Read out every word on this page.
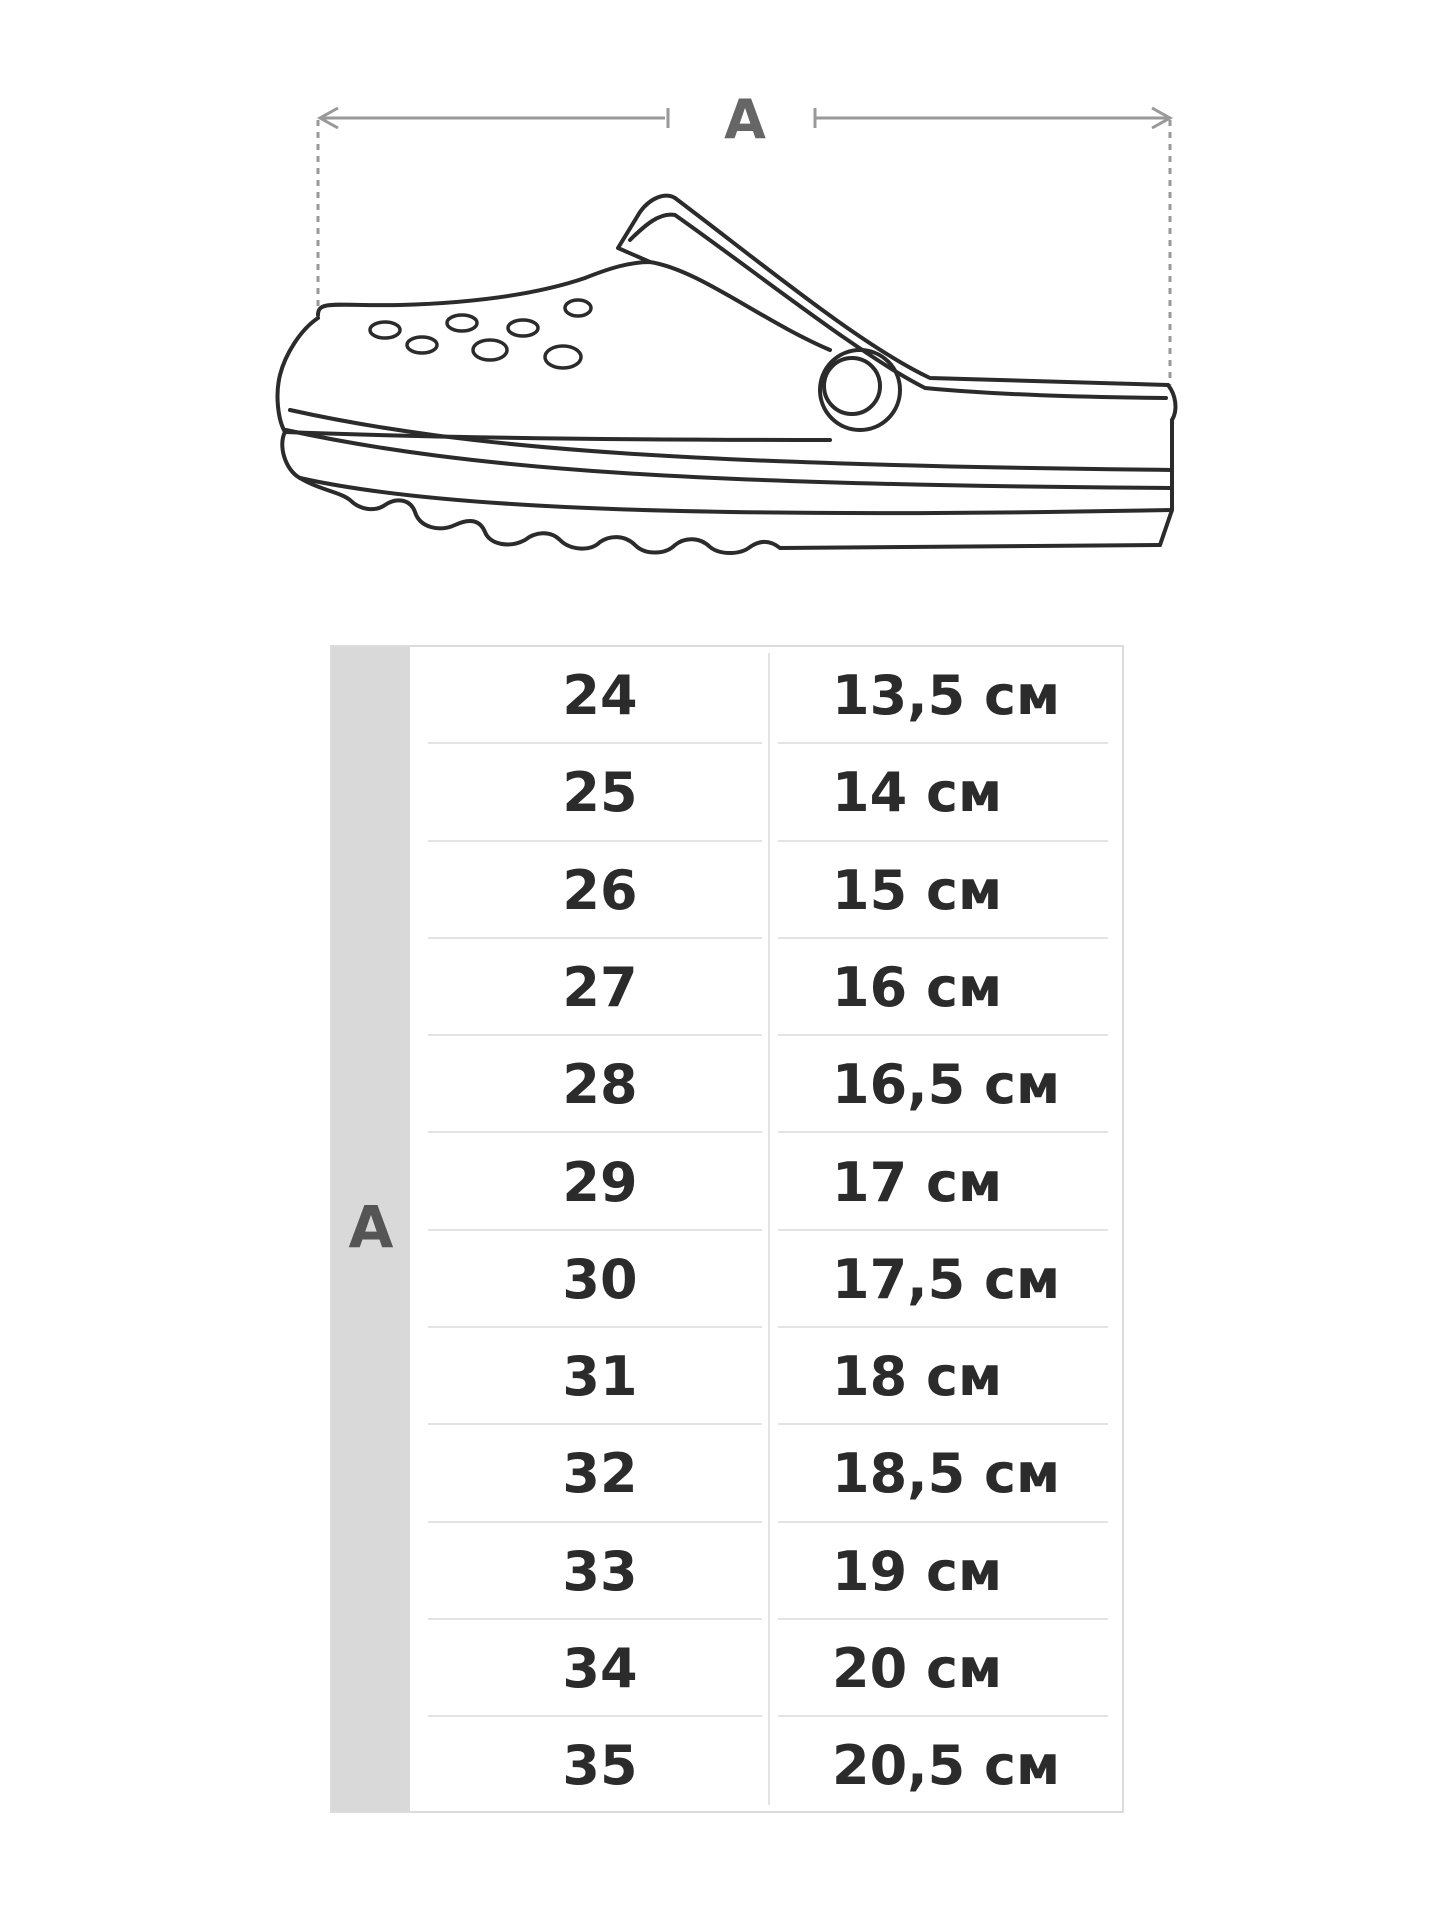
A
A
24	13,5 см
25	14 см
26	15 см
27	16 см
28	16,5 см
29	17 см
30	17,5 см
31	18 см
32	18,5 см
33	19 см
34	20 см
35	20,5 см
